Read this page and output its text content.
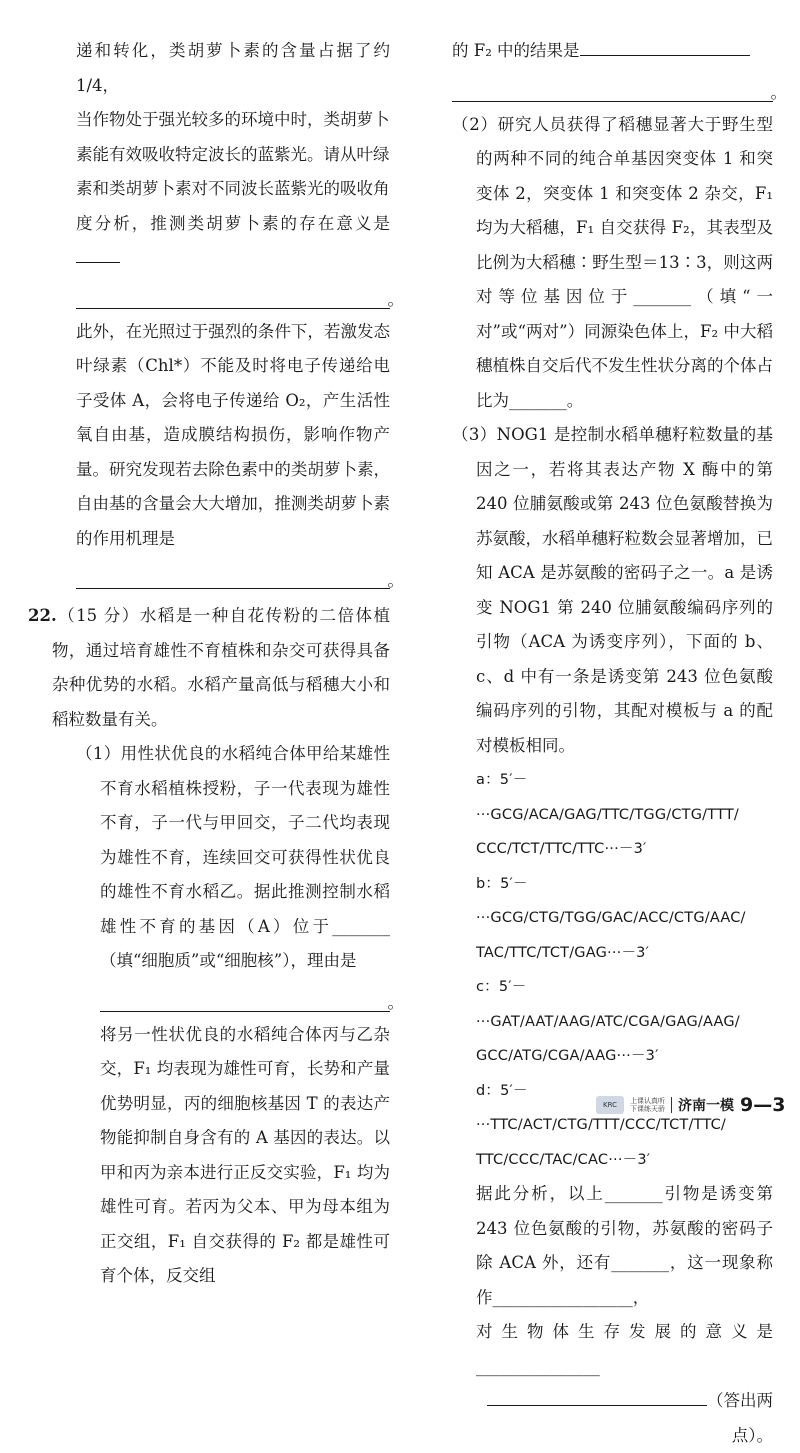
递和转化，类胡萝卜素的含量占据了约 1/4，

当作物处于强光较多的环境中时，类胡萝卜

素能有效吸收特定波长的蓝紫光。请从叶绿

素和类胡萝卜素对不同波长蓝紫光的吸收角

度分析，推测类胡萝卜素的存在意义是

。

此外，在光照过于强烈的条件下，若激发态叶绿素（Chl*）不能及时将电子传递给电子受体 A，会将电子传递给 O₂，产生活性氧自由基，造成膜结构损伤，影响作物产量。研究发现若去除色素中的类胡萝卜素，自由基的含量会大大增加，推测类胡萝卜素的作用机理是

。

22.（15 分）水稻是一种自花传粉的二倍体植物，通过培育雄性不育植株和杂交可获得具备杂种优势的水稻。水稻产量高低与稻穗大小和稻粒数量有关。

（1）用性状优良的水稻纯合体甲给某雄性不育水稻植株授粉，子一代表现为雄性不育，子一代与甲回交，子二代均表现为雄性不育，连续回交可获得性状优良的雄性不育水稻乙。据此推测控制水稻雄性不育的基因（A）位于_______（填“细胞质”或“细胞核”），理由是

。

将另一性状优良的水稻纯合体丙与乙杂交，F₁ 均表现为雄性可育，长势和产量优势明显，丙的细胞核基因 T 的表达产物能抑制自身含有的 A 基因的表达。以甲和丙为亲本进行正反交实验，F₁ 均为雄性可育。若丙为父本、甲为母本组为正交组，F₁ 自交获得的 F₂ 都是雄性可育个体，反交组

的 F₂ 中的结果是

。

（2）研究人员获得了稻穗显著大于野生型的两种不同的纯合单基因突变体 1 和突变体 2，突变体 1 和突变体 2 杂交，F₁ 均为大稻穗，F₁ 自交获得 F₂，其表型及比例为大稻穗∶野生型＝13∶3，则这两对等位基因位于_______（填“一对”或“两对”）同源染色体上，F₂ 中大稻穗植株自交后代不发生性状分离的个体占比为_______。

（3）NOG1 是控制水稻单穗籽粒数量的基因之一，若将其表达产物 X 酶中的第 240 位脯氨酸或第 243 位色氨酸替换为苏氨酸，水稻单穗籽粒数会显著增加，已知 ACA 是苏氨酸的密码子之一。a 是诱变 NOG1 第 240 位脯氨酸编码序列的引物（ACA 为诱变序列），下面的 b、c、d 中有一条是诱变第 243 位色氨酸编码序列的引物，其配对模板与 a 的配对模板相同。

a：5′－···GCG/ACA/GAG/TTC/TGG/CTG/TTT/

CCC/TCT/TTC/TTC···－3′

b：5′－···GCG/CTG/TGG/GAC/ACC/CTG/AAC/

TAC/TTC/TCT/GAG···－3′

c：5′－···GAT/AAT/AAG/ATC/CGA/GAG/AAG/

GCC/ATG/CGA/AAG···－3′

d：5′－···TTC/ACT/CTG/TTT/CCC/TCT/TTC/

TTC/CCC/TAC/CAC···－3′

据此分析，以上_______引物是诱变第 243 位色氨酸的引物，苏氨酸的密码子除 ACA 外，还有_______，这一现象称作_________________，

对生物体生存发展的意义是_______________

（答出两点）。

KRC	上课认真听
下课练天骄 济南一模 9—3
